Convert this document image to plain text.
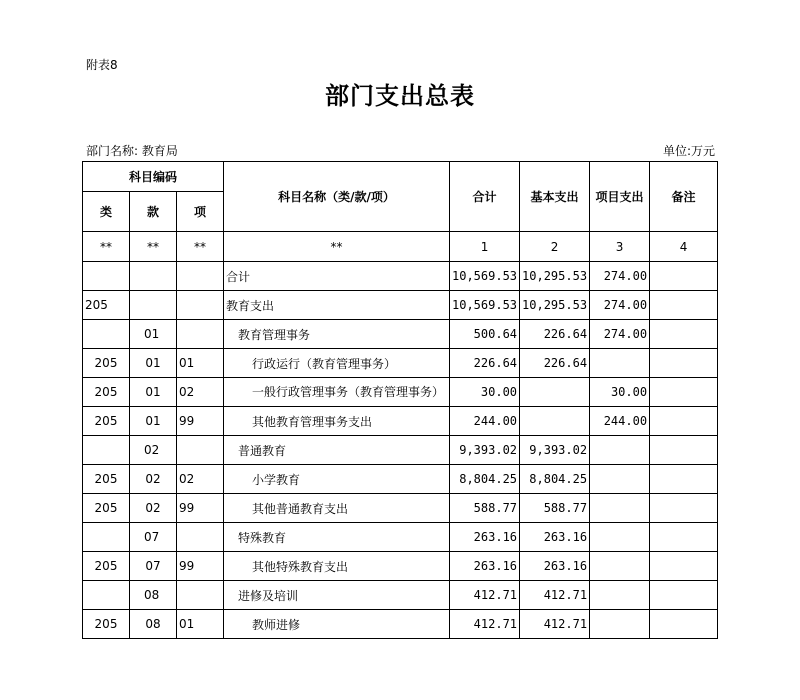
附表8
部门支出总表
部门名称: 教育局	单位:万元
科目编码			科目名称（类/款/项）	合计	基本支出	项目支出	备注
类	款	项					
**	**	**	**	1	2	3	4
			合计	10,569.53	10,295.53	274.00	
205			教育支出	10,569.53	10,295.53	274.00	
	01		教育管理事务	500.64	226.64	274.00	
205	01	01	行政运行（教育管理事务）	226.64	226.64		
205	01	02	一般行政管理事务（教育管理事务）	30.00		30.00	
205	01	99	其他教育管理事务支出	244.00		244.00	
	02		普通教育	9,393.02	9,393.02		
205	02	02	小学教育	8,804.25	8,804.25		
205	02	99	其他普通教育支出	588.77	588.77		
	07		特殊教育	263.16	263.16		
205	07	99	其他特殊教育支出	263.16	263.16		
	08		进修及培训	412.71	412.71		
205	08	01	教师进修	412.71	412.71		
